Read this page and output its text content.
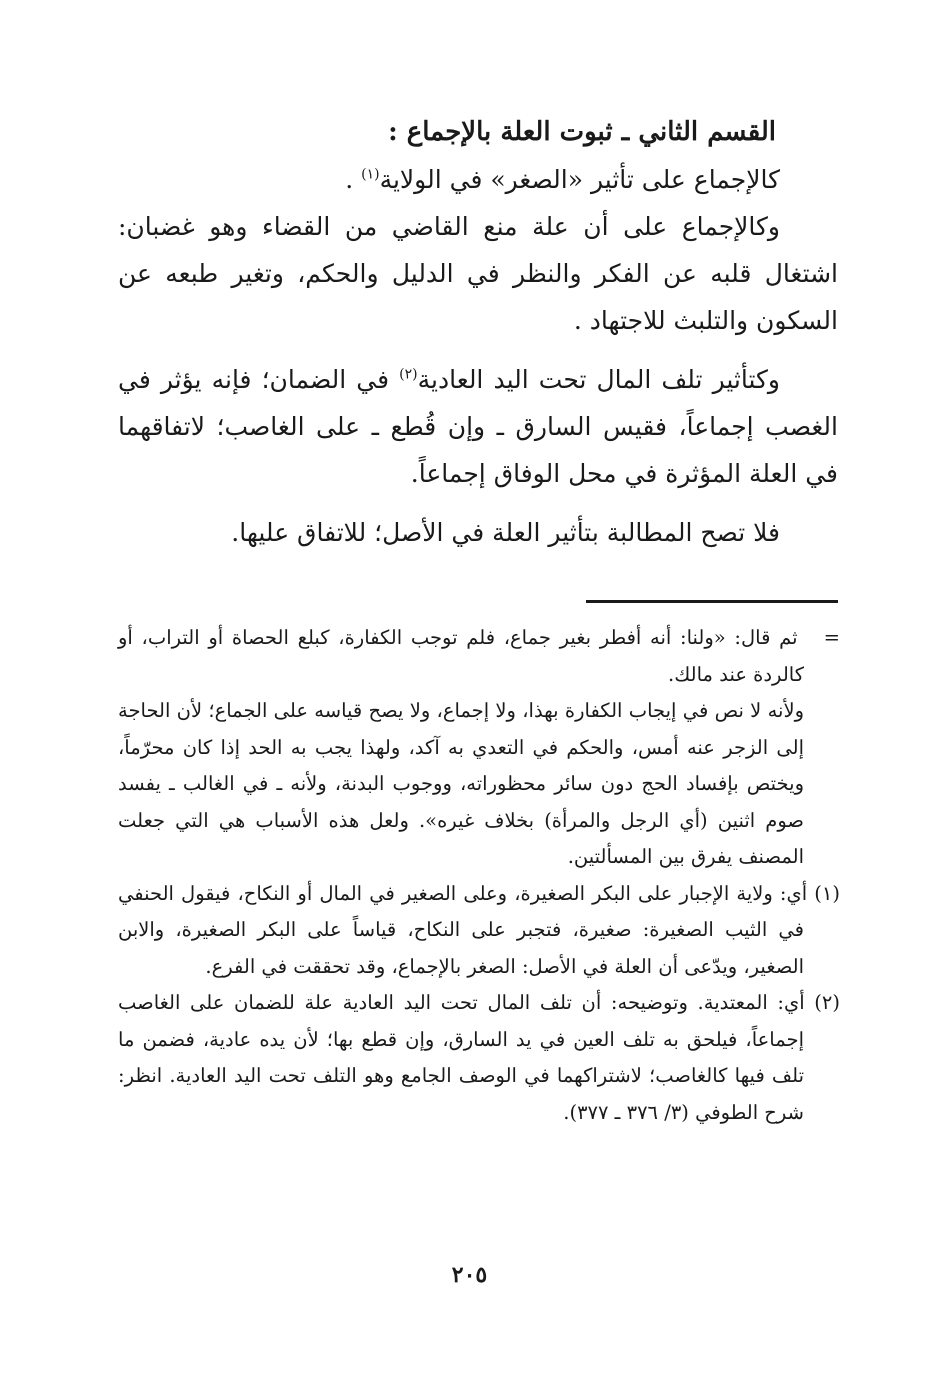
القسم الثاني ـ ثبوت العلة بالإجماع :

كالإجماع على تأثير «الصغر» في الولاية$^{(١)}$ .

وكالإجماع على أن علة منع القاضي من القضاء وهو غضبان: اشتغال قلبه عن الفكر والنظر في الدليل والحكم، وتغير طبعه عن السكون والتلبث للاجتهاد .

وكتأثير تلف المال تحت اليد العادية$^{(٢)}$ في الضمان؛ فإنه يؤثر في الغصب إجماعاً، فقيس السارق ـ وإن قُطع ـ على الغاصب؛ لاتفاقهما في العلة المؤثرة في محل الوفاق إجماعاً.

فلا تصح المطالبة بتأثير العلة في الأصل؛ للاتفاق عليها.

=   ثم قال: «ولنا: أنه أفطر بغير جماع، فلم توجب الكفارة، كبلع الحصاة أو التراب، أو كالردة عند مالك.

ولأنه لا نص في إيجاب الكفارة بهذا، ولا إجماع، ولا يصح قياسه على الجماع؛ لأن الحاجة إلى الزجر عنه أمس، والحكم في التعدي به آكد، ولهذا يجب به الحد إذا كان محرّماً، ويختص بإفساد الحج دون سائر محظوراته، ووجوب البدنة، ولأنه ـ في الغالب ـ يفسد صوم اثنين (أي الرجل والمرأة) بخلاف غيره». ولعل هذه الأسباب هي التي جعلت المصنف يفرق بين المسألتين.

(١) أي: ولاية الإجبار على البكر الصغيرة، وعلى الصغير في المال أو النكاح، فيقول الحنفي في الثيب الصغيرة: صغيرة، فتجبر على النكاح، قياساً على البكر الصغيرة، والابن الصغير، ويدّعى أن العلة في الأصل: الصغر بالإجماع، وقد تحققت في الفرع.

(٢) أي: المعتدية. وتوضيحه: أن تلف المال تحت اليد العادية علة للضمان على الغاصب إجماعاً، فيلحق به تلف العين في يد السارق، وإن قطع بها؛ لأن يده عادية، فضمن ما تلف فيها كالغاصب؛ لاشتراكهما في الوصف الجامع وهو التلف تحت اليد العادية. انظر: شرح الطوفي (٣/ ٣٧٦ ـ ٣٧٧).

٢٠٥
